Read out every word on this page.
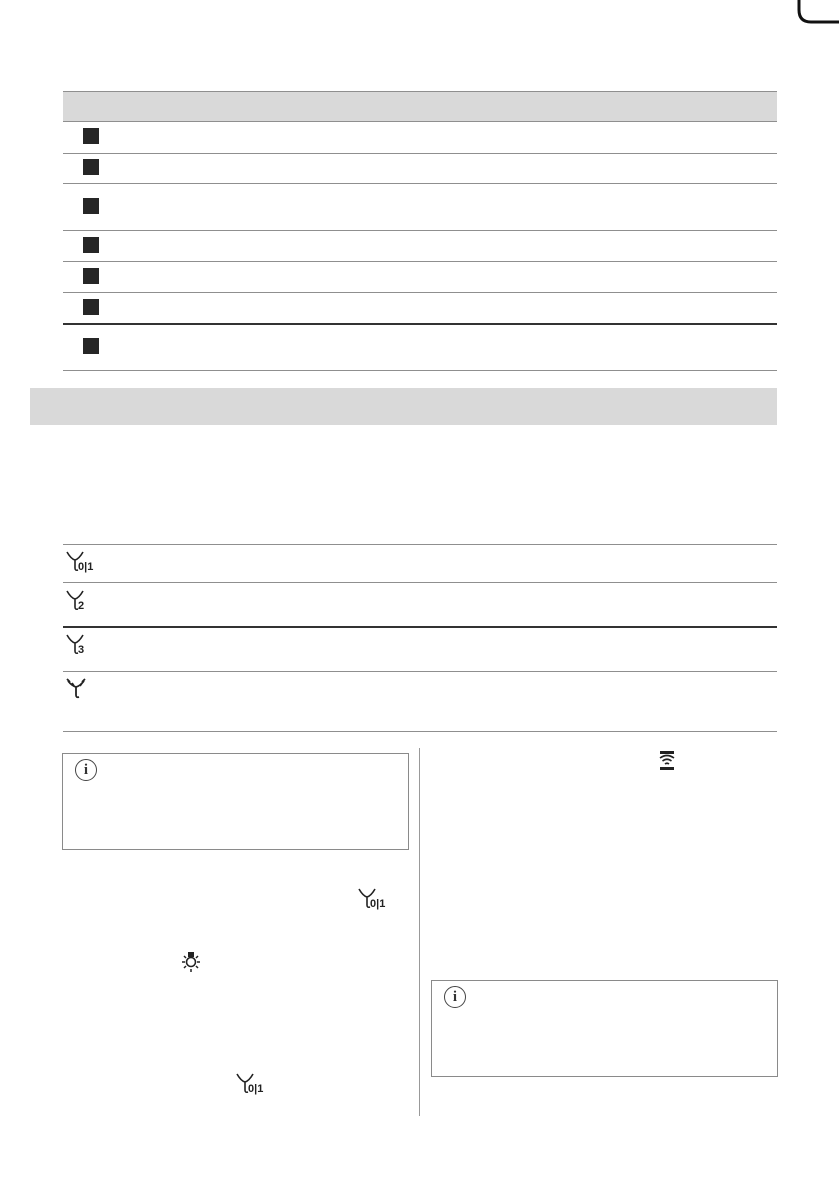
0|1
2
3
i
0|1
0|1
i
